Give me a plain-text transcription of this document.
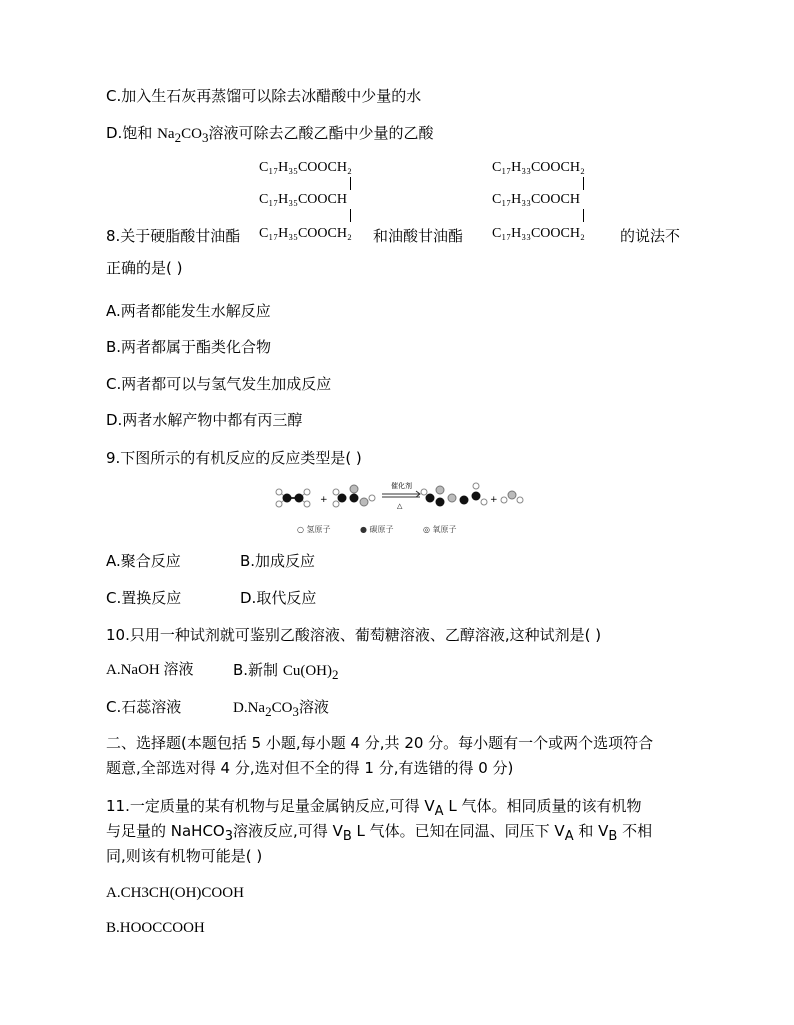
C.加入生石灰再蒸馏可以除去冰醋酸中少量的水
D.饱和 $Na_2CO_3$溶液可除去乙酸乙酯中少量的乙酸
C₁₇H₃₅COOCH₂
C₁₇H₃₅COOCH
C₁₇H₃₅COOCH₂
C₁₇H₃₃COOCH₂
C₁₇H₃₃COOCH
C₁₇H₃₃COOCH₂
8.关于硬脂酸甘油酯	和油酸甘油酯	的说法不
正确的是( )
A.两者都能发生水解反应
B.两者都属于酯类化合物
C.两者都可以与氢气发生加成反应
D.两者水解产物中都有丙三醇
9.下图所示的有机反应的反应类型是( )
+
催化剂
△
+
○ 氢原子	● 碳原子	◎ 氧原子
A.聚合反应	B.加成反应
C.置换反应	D.取代反应
10.只用一种试剂就可鉴别乙酸溶液、葡萄糖溶液、乙醇溶液,这种试剂是( )
A.NaOH 溶液	B.新制 $Cu(OH)_2$
C.石蕊溶液	$D.Na_2CO_3$溶液
二、选择题(本题包括 5 小题,每小题 4 分,共 20 分。每小题有一个或两个选项符合
题意,全部选对得 4 分,选对但不全的得 1 分,有选错的得 0 分)
11.一定质量的某有机物与足量金属钠反应,可得 $V_A$ L 气体。相同质量的该有机物
与足量的 NaHCO$_3$溶液反应,可得 $V_B$ L 气体。已知在同温、同压下 $V_A$ 和 $V_B$ 不相
同,则该有机物可能是( )
A.CH3CH(OH)COOH
B.HOOCCOOH
